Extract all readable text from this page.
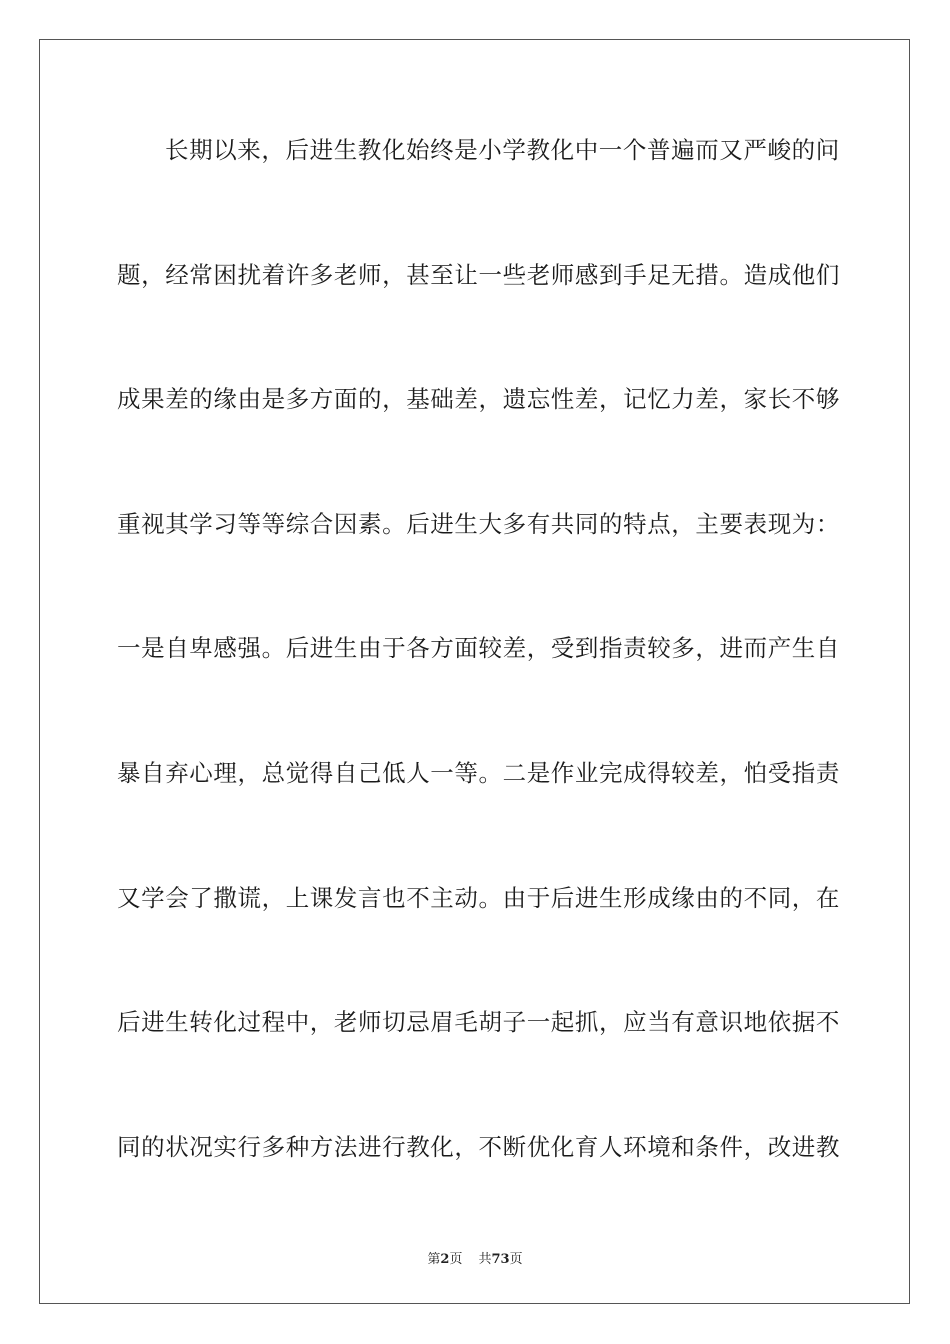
长期以来，后进生教化始终是小学教化中一个普遍而又严峻的问
题，经常困扰着许多老师，甚至让一些老师感到手足无措。造成他们
成果差的缘由是多方面的，基础差，遗忘性差，记忆力差，家长不够
重视其学习等等综合因素。后进生大多有共同的特点，主要表现为：
一是自卑感强。后进生由于各方面较差，受到指责较多，进而产生自
暴自弃心理，总觉得自己低人一等。二是作业完成得较差，怕受指责
又学会了撒谎，上课发言也不主动。由于后进生形成缘由的不同，在
后进生转化过程中，老师切忌眉毛胡子一起抓，应当有意识地依据不
同的状况实行多种方法进行教化，不断优化育人环境和条件，改进教
第2页 共73页
